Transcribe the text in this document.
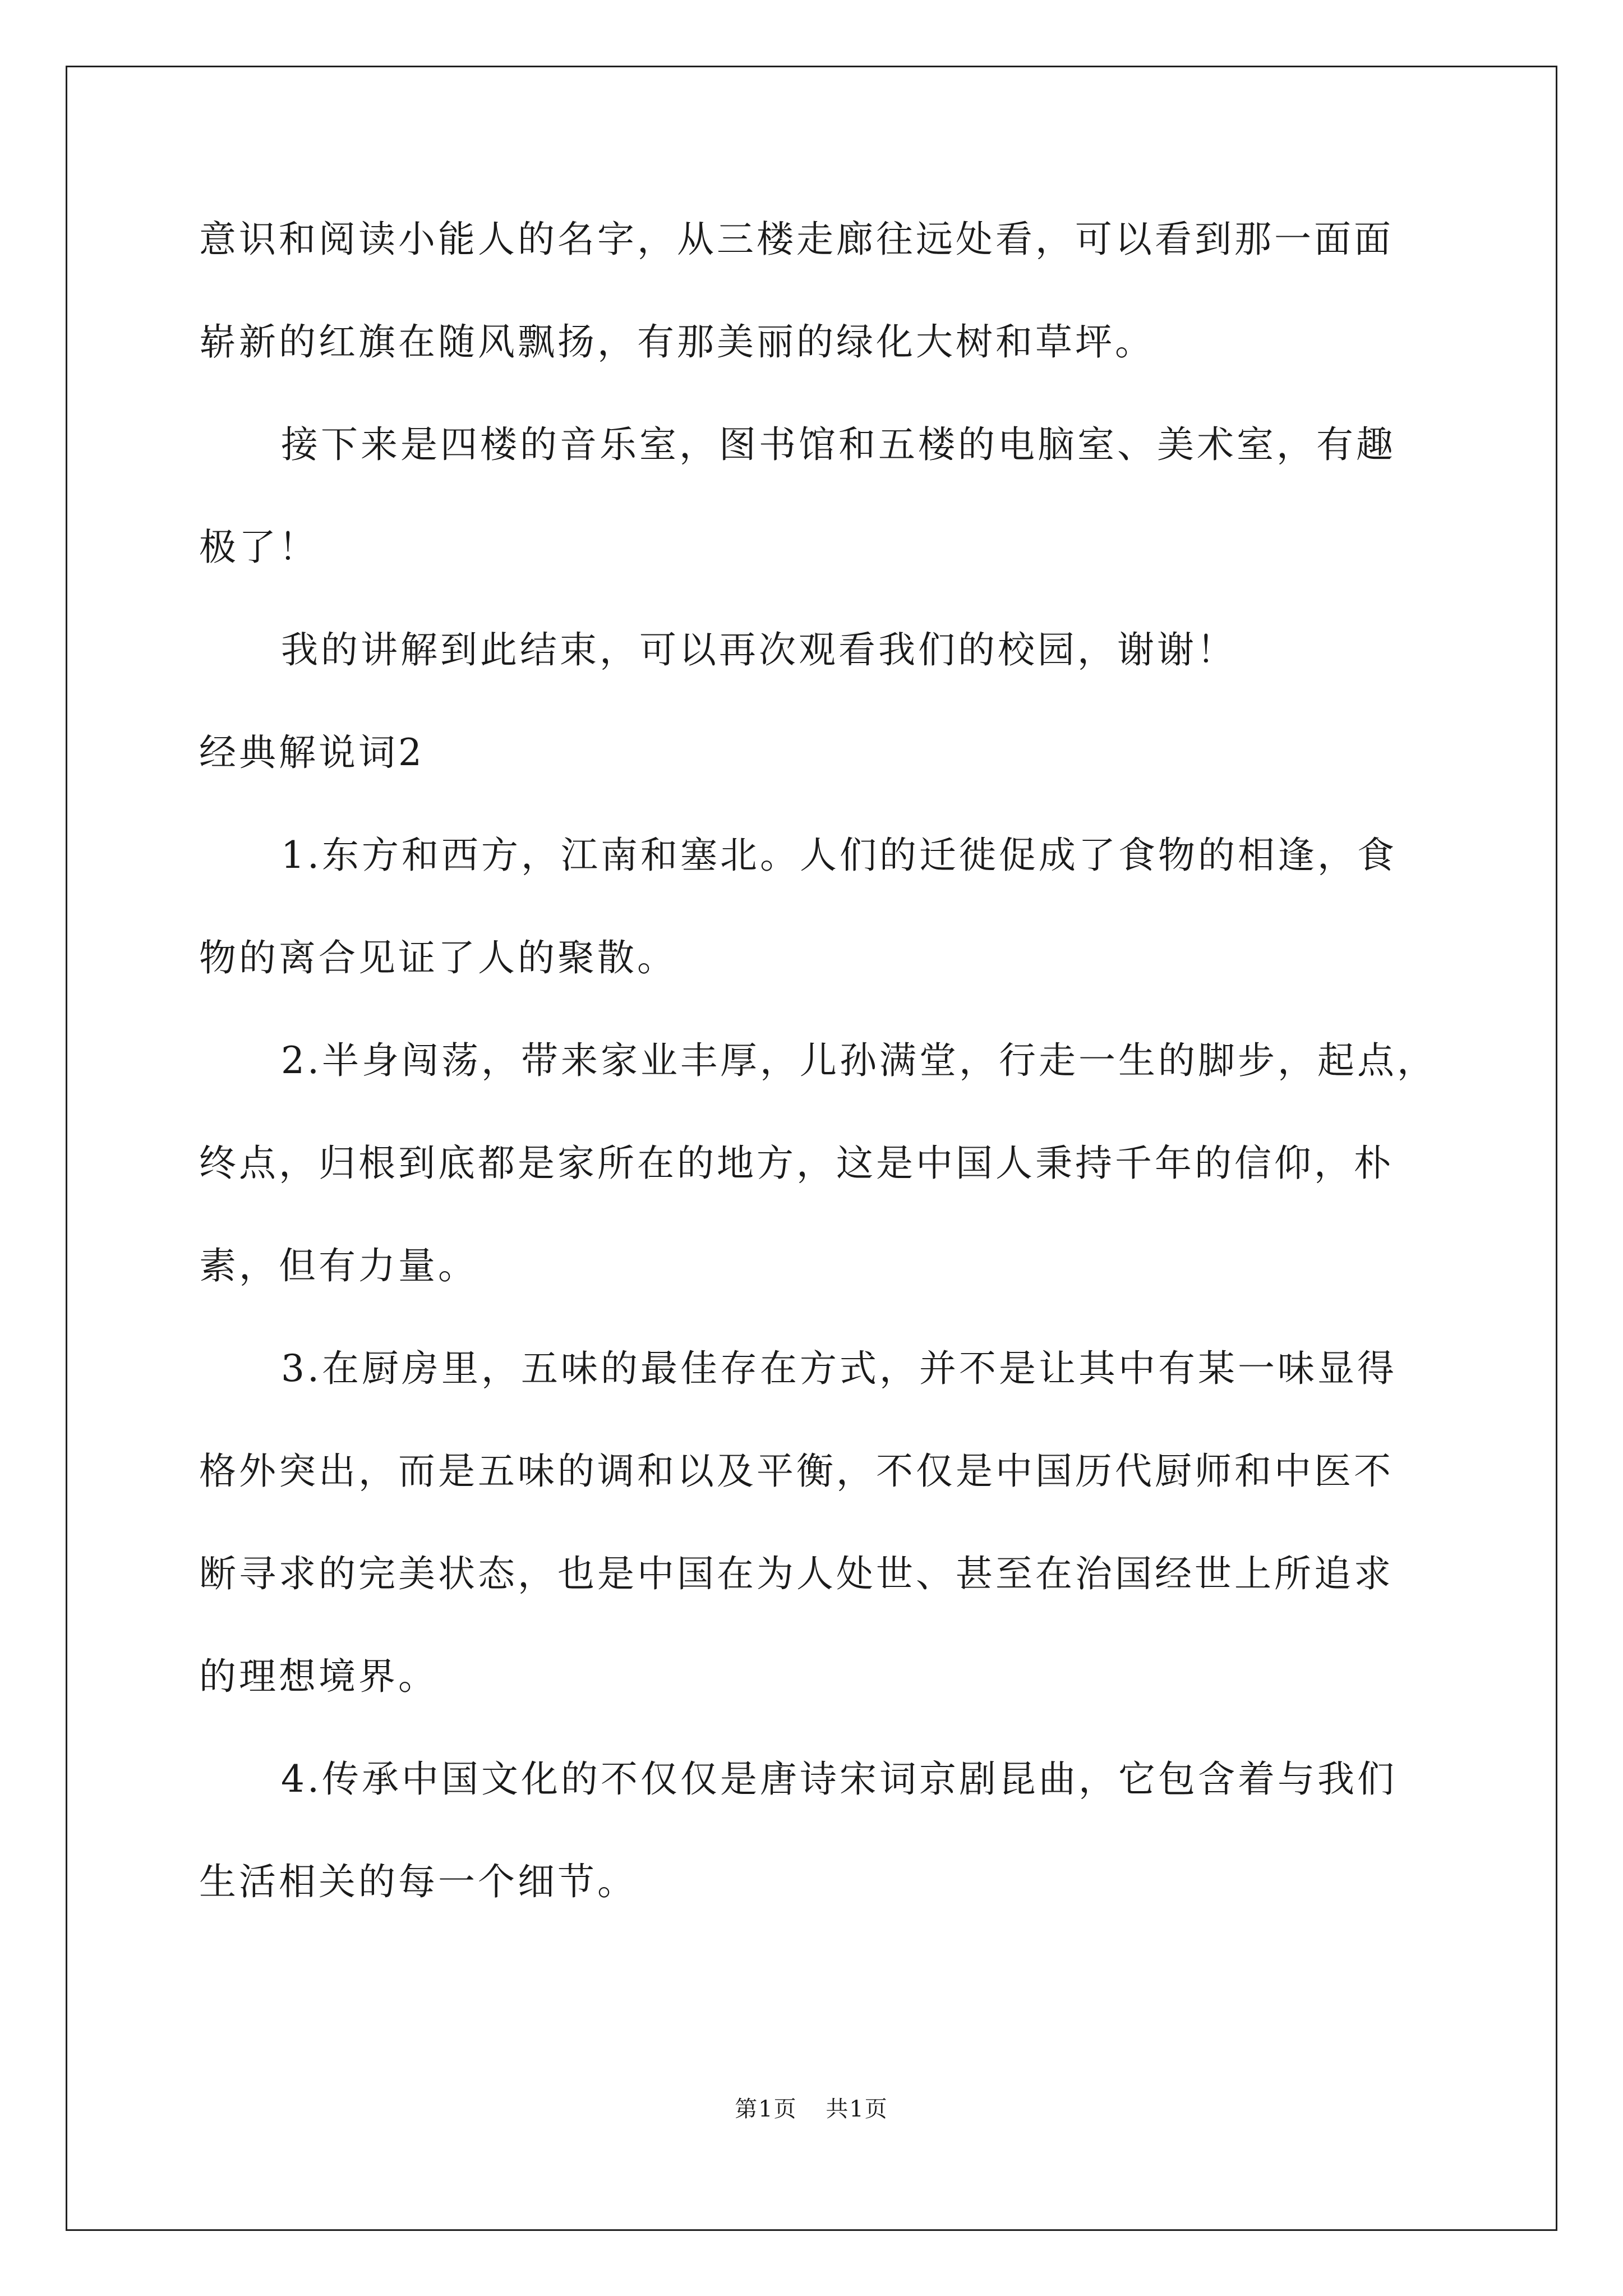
意识和阅读小能人的名字，从三楼走廊往远处看，可以看到那一面面
崭新的红旗在随风飘扬，有那美丽的绿化大树和草坪。
接下来是四楼的音乐室，图书馆和五楼的电脑室、美术室，有趣
极了！
我的讲解到此结束，可以再次观看我们的校园，谢谢！
经典解说词2
1.东方和西方，江南和塞北。人们的迁徙促成了食物的相逢，食
物的离合见证了人的聚散。
2.半身闯荡，带来家业丰厚，儿孙满堂，行走一生的脚步，起点，
终点，归根到底都是家所在的地方，这是中国人秉持千年的信仰，朴
素，但有力量。
3.在厨房里，五味的最佳存在方式，并不是让其中有某一味显得
格外突出，而是五味的调和以及平衡，不仅是中国历代厨师和中医不
断寻求的完美状态，也是中国在为人处世、甚至在治国经世上所追求
的理想境界。
4.传承中国文化的不仅仅是唐诗宋词京剧昆曲，它包含着与我们
生活相关的每一个细节。
第1页 共1页
